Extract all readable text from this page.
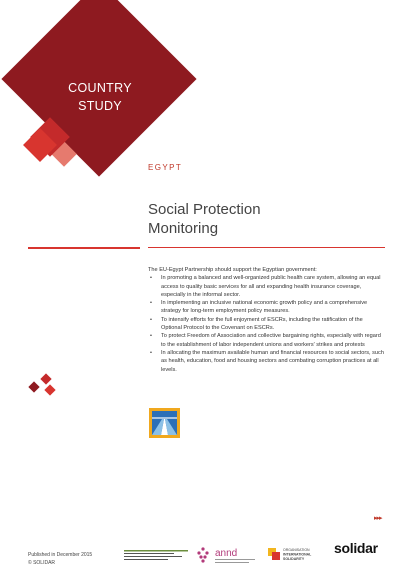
COUNTRY
STUDY
EGYPT
Social Protection
Monitoring

The EU-Egypt Partnership should support the Egyptian government:

• In promoting a balanced and well-organized public health care system, allowing an equal access to quality basic services for all and expanding health insurance coverage, especially in the informal sector.
• In implementing an inclusive national economic growth policy and a comprehensive strategy for long-term employment policy measures.
• To intensify efforts for the full enjoyment of ESCRs, including the ratification of the Optional Protocol to the Covenant on ESCRs.
• To protect Freedom of Association and collective bargaining rights, especially with regard to the establishment of labor independent unions and workers' strikes and protests
• In allocating the maximum available human and financial resources to social sectors, such as health, education, food and housing sectors and combating corruption practices at all levels.
▸▸▸
Published in December 2015
© SOLIDAR
annd	ORGANISATION
INTERNATIONAL
SOLIDARITY
solidar
